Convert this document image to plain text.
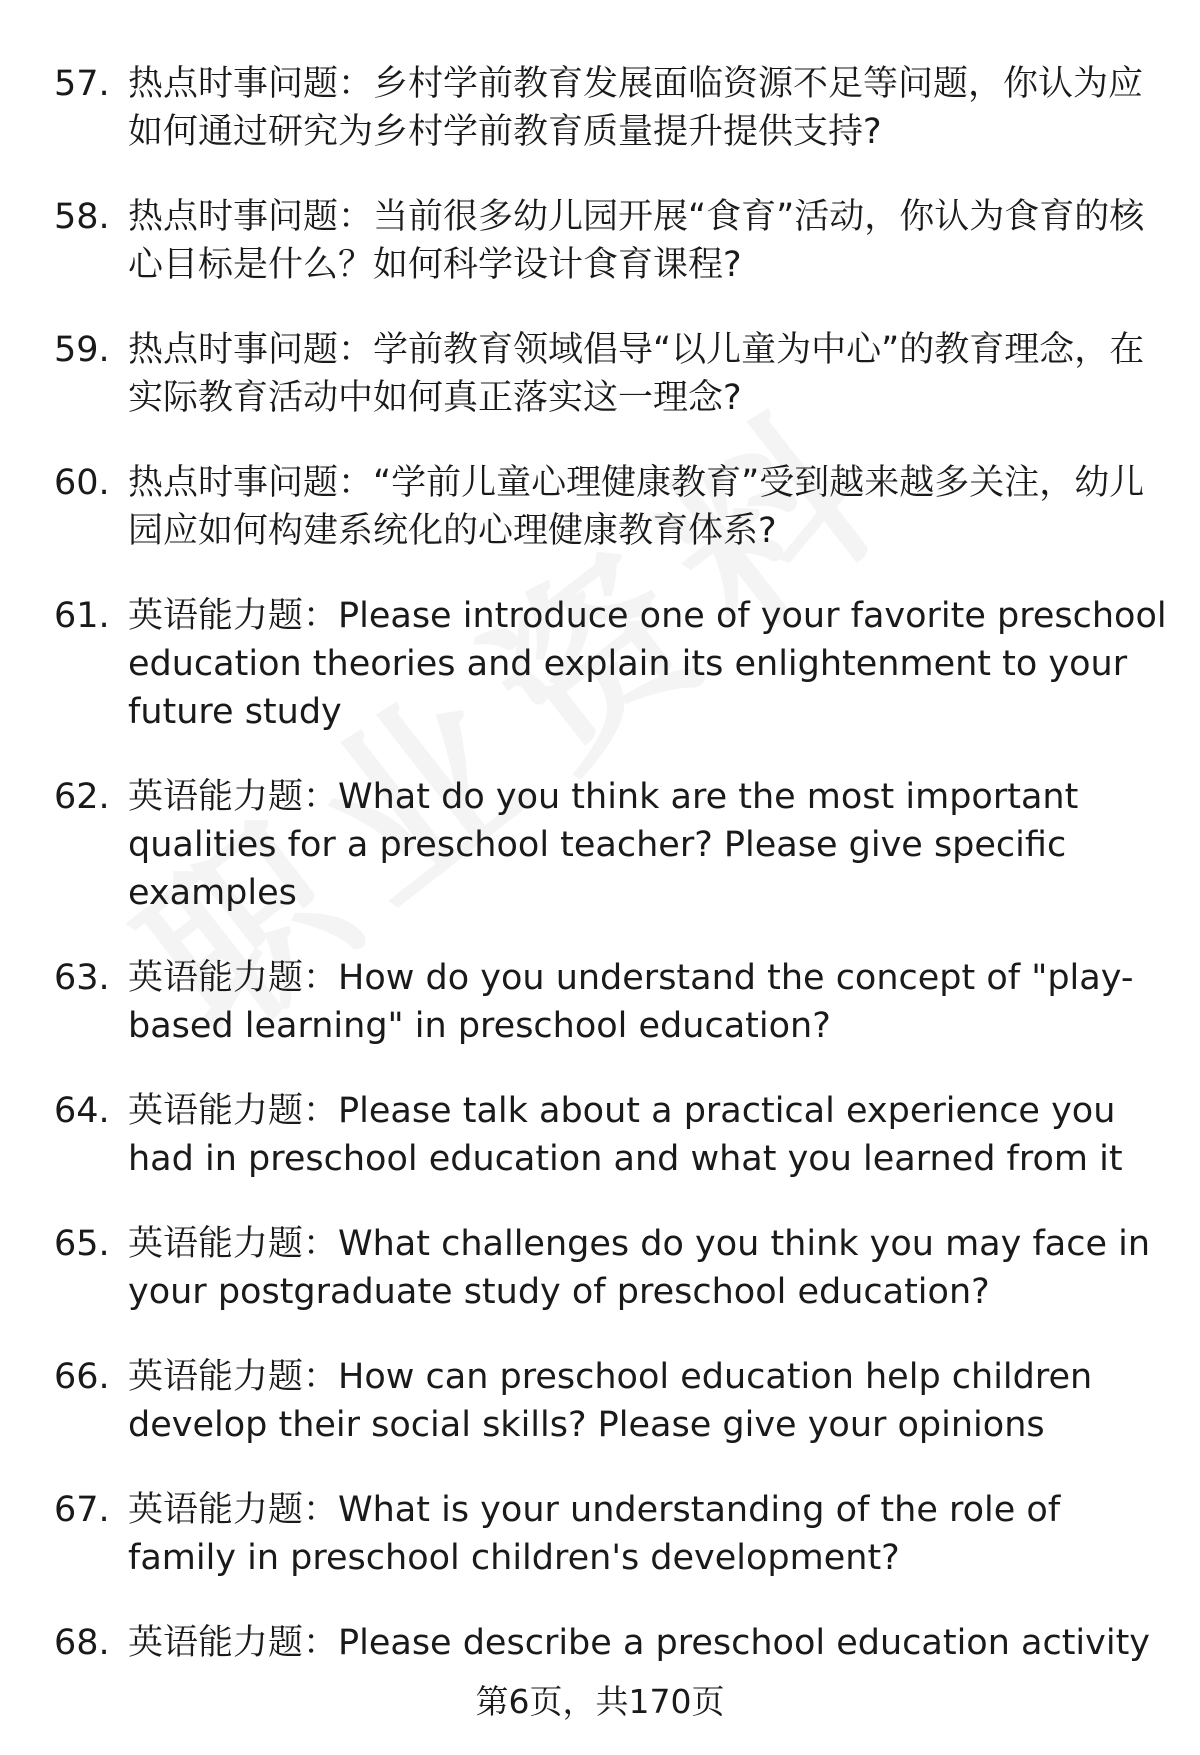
57. 热点时事问题：乡村学前教育发展面临资源不足等问题，你认为应如何通过研究为乡村学前教育质量提升提供支持?
58. 热点时事问题：当前很多幼儿园开展“食育”活动，你认为食育的核心目标是什么？如何科学设计食育课程?
59. 热点时事问题：学前教育领域倡导“以儿童为中心”的教育理念，在实际教育活动中如何真正落实这一理念?
60. 热点时事问题：“学前儿童心理健康教育”受到越来越多关注，幼儿园应如何构建系统化的心理健康教育体系?
61. 英语能力题：Please introduce one of your favorite preschool education theories and explain its enlightenment to your future study
62. 英语能力题：What do you think are the most important qualities for a preschool teacher? Please give specific examples
63. 英语能力题：How do you understand the concept of "play-based learning" in preschool education?
64. 英语能力题：Please talk about a practical experience you had in preschool education and what you learned from it
65. 英语能力题：What challenges do you think you may face in your postgraduate study of preschool education?
66. 英语能力题：How can preschool education help children develop their social skills? Please give your opinions
67. 英语能力题：What is your understanding of the role of family in preschool children's development?
68. 英语能力题：Please describe a preschool education activity
第6页，共170页
